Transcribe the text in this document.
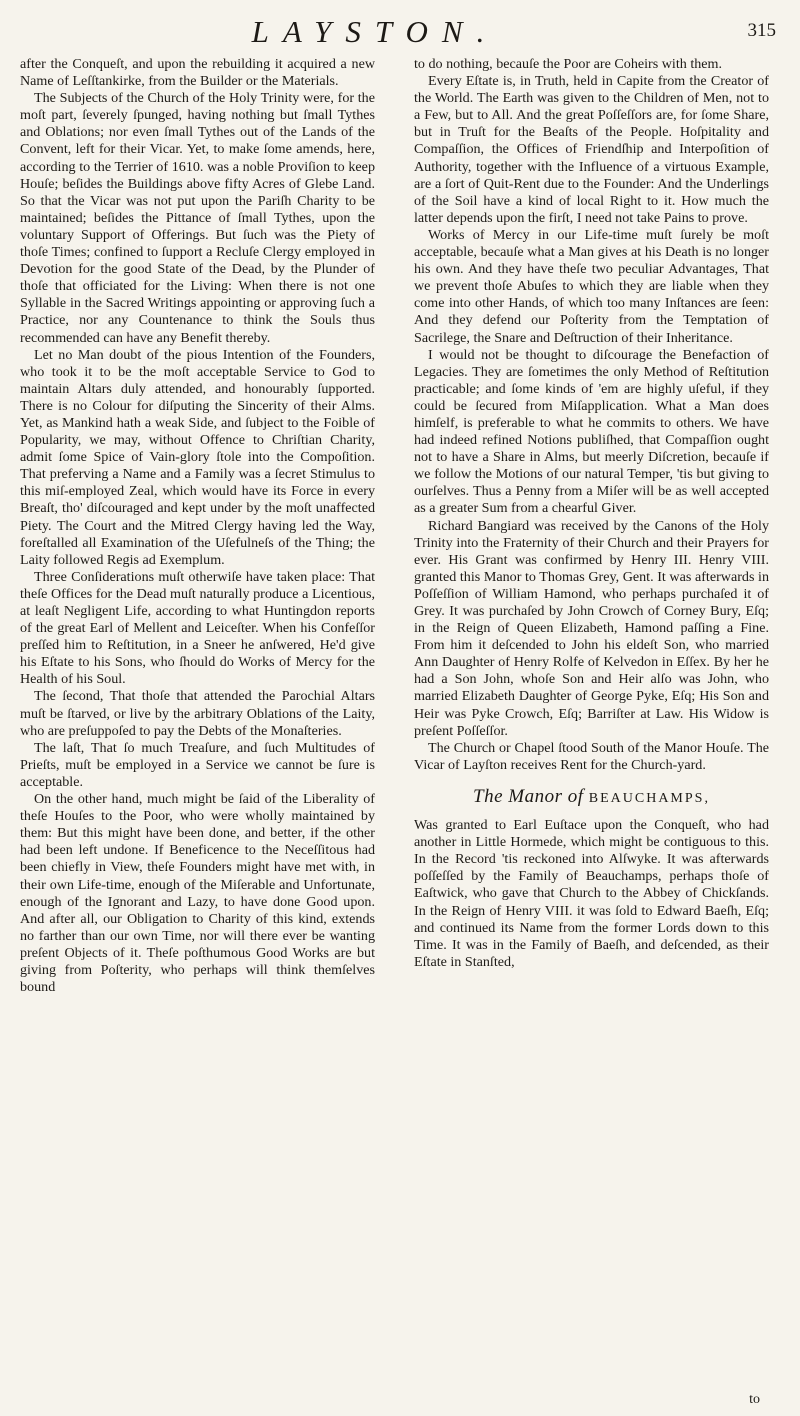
LAYSTON.	315

after the Conqueſt, and upon the rebuilding it acquired a new Name of Leſſtankirke, from the Builder or the Materials.

The Subjects of the Church of the Holy Trinity were, for the moſt part, ſeverely ſpunged, having nothing but ſmall Tythes and Oblations; nor even ſmall Tythes out of the Lands of the Convent, left for their Vicar. Yet, to make ſome amends, here, according to the Terrier of 1610. was a noble Proviſion to keep Houſe; beſides the Buildings above fifty Acres of Glebe Land. So that the Vicar was not put upon the Pariſh Charity to be maintained; beſides the Pittance of ſmall Tythes, upon the voluntary Support of Offerings. But ſuch was the Piety of thoſe Times; confined to ſupport a Recluſe Clergy employed in Devotion for the good State of the Dead, by the Plunder of thoſe that officiated for the Living: When there is not one Syllable in the Sacred Writings appointing or approving ſuch a Practice, nor any Countenance to think the Souls thus recommended can have any Benefit thereby.

Let no Man doubt of the pious Intention of the Founders, who took it to be the moſt acceptable Service to God to maintain Altars duly attended, and honourably ſupported. There is no Colour for diſputing the Sincerity of their Alms. Yet, as Mankind hath a weak Side, and ſubject to the Foible of Popularity, we may, without Offence to Chriſtian Charity, admit ſome Spice of Vain-glory ſtole into the Compoſition. That preferving a Name and a Family was a ſecret Stimulus to this miſ-employed Zeal, which would have its Force in every Breaſt, tho' diſcouraged and kept under by the moſt unaffected Piety. The Court and the Mitred Clergy having led the Way, foreſtalled all Examination of the Uſefulneſs of the Thing; the Laity followed Regis ad Exemplum.

Three Conſiderations muſt otherwiſe have taken place: That theſe Offices for the Dead muſt naturally produce a Licentious, at leaſt Negligent Life, according to what Huntingdon reports of the great Earl of Mellent and Leiceſter. When his Confeſſor preſſed him to Reſtitution, in a Sneer he anſwered, He'd give his Eſtate to his Sons, who ſhould do Works of Mercy for the Health of his Soul.

The ſecond, That thoſe that attended the Parochial Altars muſt be ſtarved, or live by the arbitrary Oblations of the Laity, who are preſuppoſed to pay the Debts of the Monaſteries.

The laſt, That ſo much Treaſure, and ſuch Multitudes of Prieſts, muſt be employed in a Service we cannot be ſure is acceptable.

On the other hand, much might be ſaid of the Liberality of theſe Houſes to the Poor, who were wholly maintained by them: But this might have been done, and better, if the other had been left undone. If Beneficence to the Neceſſitous had been chiefly in View, theſe Founders might have met with, in their own Life-time, enough of the Miſerable and Unfortunate, enough of the Ignorant and Lazy, to have done Good upon. And after all, our Obligation to Charity of this kind, extends no farther than our own Time, nor will there ever be wanting preſent Objects of it. Theſe poſthumous Good Works are but giving from Poſterity, who perhaps will think themſelves bound

to do nothing, becauſe the Poor are Coheirs with them.

Every Eſtate is, in Truth, held in Capite from the Creator of the World. The Earth was given to the Children of Men, not to a Few, but to All. And the great Poſſeſſors are, for ſome Share, but in Truſt for the Beaſts of the People. Hoſpitality and Compaſſion, the Offices of Friendſhip and Interpoſition of Authority, together with the Influence of a virtuous Example, are a ſort of Quit-Rent due to the Founder: And the Underlings of the Soil have a kind of local Right to it. How much the latter depends upon the firſt, I need not take Pains to prove.

Works of Mercy in our Life-time muſt ſurely be moſt acceptable, becauſe what a Man gives at his Death is no longer his own. And they have theſe two peculiar Advantages, That we prevent thoſe Abuſes to which they are liable when they come into other Hands, of which too many Inſtances are ſeen: And they defend our Poſterity from the Temptation of Sacrilege, the Snare and Deſtruction of their Inheritance.

I would not be thought to diſcourage the Benefaction of Legacies. They are ſometimes the only Method of Reſtitution practicable; and ſome kinds of 'em are highly uſeful, if they could be ſecured from Miſapplication. What a Man does himſelf, is preferable to what he commits to others. We have had indeed refined Notions publiſhed, that Compaſſion ought not to have a Share in Alms, but meerly Diſcretion, becauſe if we follow the Motions of our natural Temper, 'tis but giving to ourſelves. Thus a Penny from a Miſer will be as well accepted as a greater Sum from a chearful Giver.

Richard Bangiard was received by the Canons of the Holy Trinity into the Fraternity of their Church and their Prayers for ever. His Grant was confirmed by Henry III. Henry VIII. granted this Manor to Thomas Grey, Gent. It was afterwards in Poſſeſſion of William Hamond, who perhaps purchaſed it of Grey. It was purchaſed by John Crowch of Corney Bury, Eſq; in the Reign of Queen Elizabeth, Hamond paſſing a Fine. From him it deſcended to John his eldeſt Son, who married Ann Daughter of Henry Rolfe of Kelvedon in Eſſex. By her he had a Son John, whoſe Son and Heir alſo was John, who married Elizabeth Daughter of George Pyke, Eſq; His Son and Heir was Pyke Crowch, Eſq; Barriſter at Law. His Widow is preſent Poſſeſſor.

The Church or Chapel ſtood South of the Manor Houſe. The Vicar of Layſton receives Rent for the Church-yard.

The Manor of BEAUCHAMPS,

Was granted to Earl Euſtace upon the Conqueſt, who had another in Little Hormede, which might be contiguous to this. In the Record 'tis reckoned into Alſwyke. It was afterwards poſſeſſed by the Family of Beauchamps, perhaps thoſe of Eaſtwick, who gave that Church to the Abbey of Chickſands. In the Reign of Henry VIII. it was ſold to Edward Baeſh, Eſq; and continued its Name from the former Lords down to this Time. It was in the Family of Baeſh, and deſcended, as their Eſtate in Stanſted,

to
